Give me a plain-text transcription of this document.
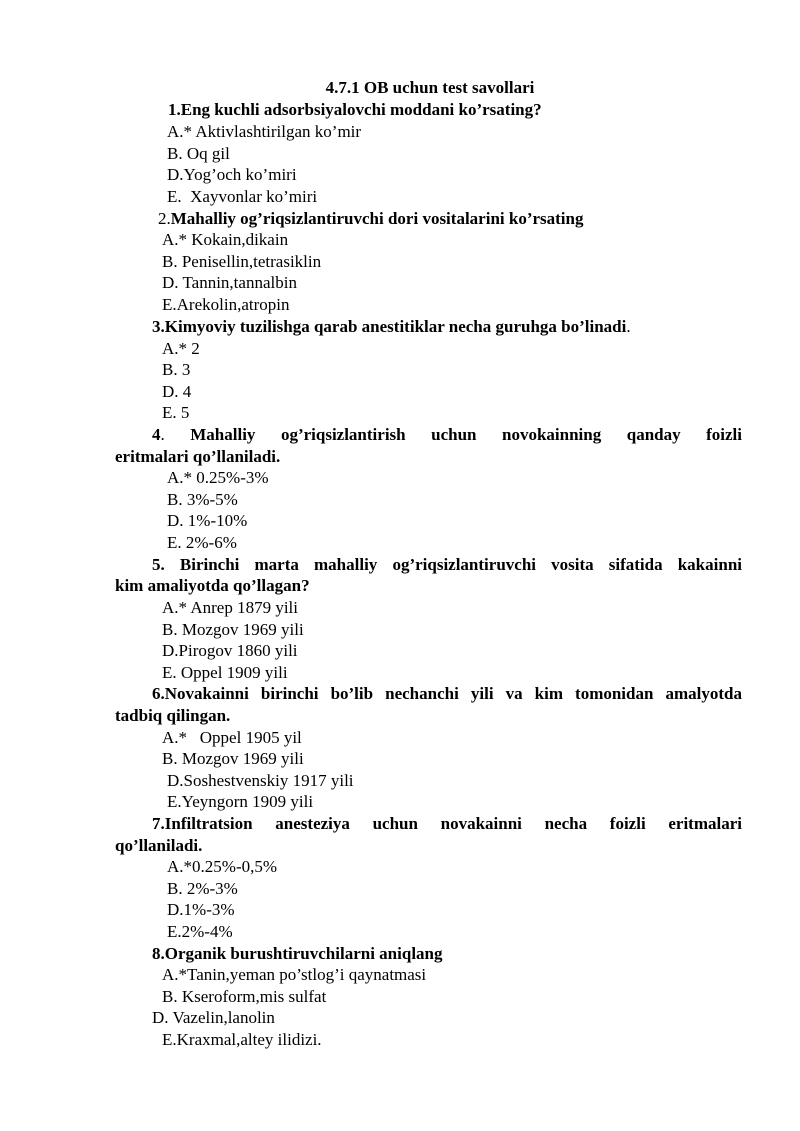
4.7.1 OB uchun test savollari
1.Eng kuchli adsorbsiyalovchi moddani ko’rsating?
A.* Aktivlashtirilgan ko’mir
B. Oq gil
D.Yog’och ko’miri
E.  Xayvonlar ko’miri
2.Mahalliy og’riqsizlantiruvchi dori vositalarini ko’rsating
A.* Kokain,dikain
B. Penisellin,tetrasiklin
D. Tannin,tannalbin
E.Arekolin,atropin
3.Kimyoviy tuzilishga qarab anestitiklar necha guruhga bo’linadi.
A.* 2
B. 3
D. 4
E. 5
4. Mahalliy og’riqsizlantirish uchun novokainning qanday foizli
eritmalari qo’llaniladi.
A.* 0.25%-3%
B. 3%-5%
D. 1%-10%
E. 2%-6%
5. Birinchi marta mahalliy og’riqsizlantiruvchi vosita sifatida kakainni
kim amaliyotda qo’llagan?
A.* Anrep 1879 yili
B. Mozgov 1969 yili
D.Pirogov 1860 yili
E. Oppel 1909 yili
6.Novakainni birinchi bo’lib nechanchi yili va kim tomonidan amalyotda
tadbiq qilingan.
A.*   Oppel 1905 yil
B. Mozgov 1969 yili
D.Soshestvenskiy 1917 yili
E.Yeyngorn 1909 yili
7.Infiltratsion anesteziya uchun novakainni necha foizli eritmalari
qo’llaniladi.
A.*0.25%-0,5%
B. 2%-3%
D.1%-3%
E.2%-4%
8.Organik burushtiruvchilarni aniqlang
A.*Tanin,yeman po’stlog’i qaynatmasi
B. Kseroform,mis sulfat
D. Vazelin,lanolin
E.Kraxmal,altey ilidizi.
